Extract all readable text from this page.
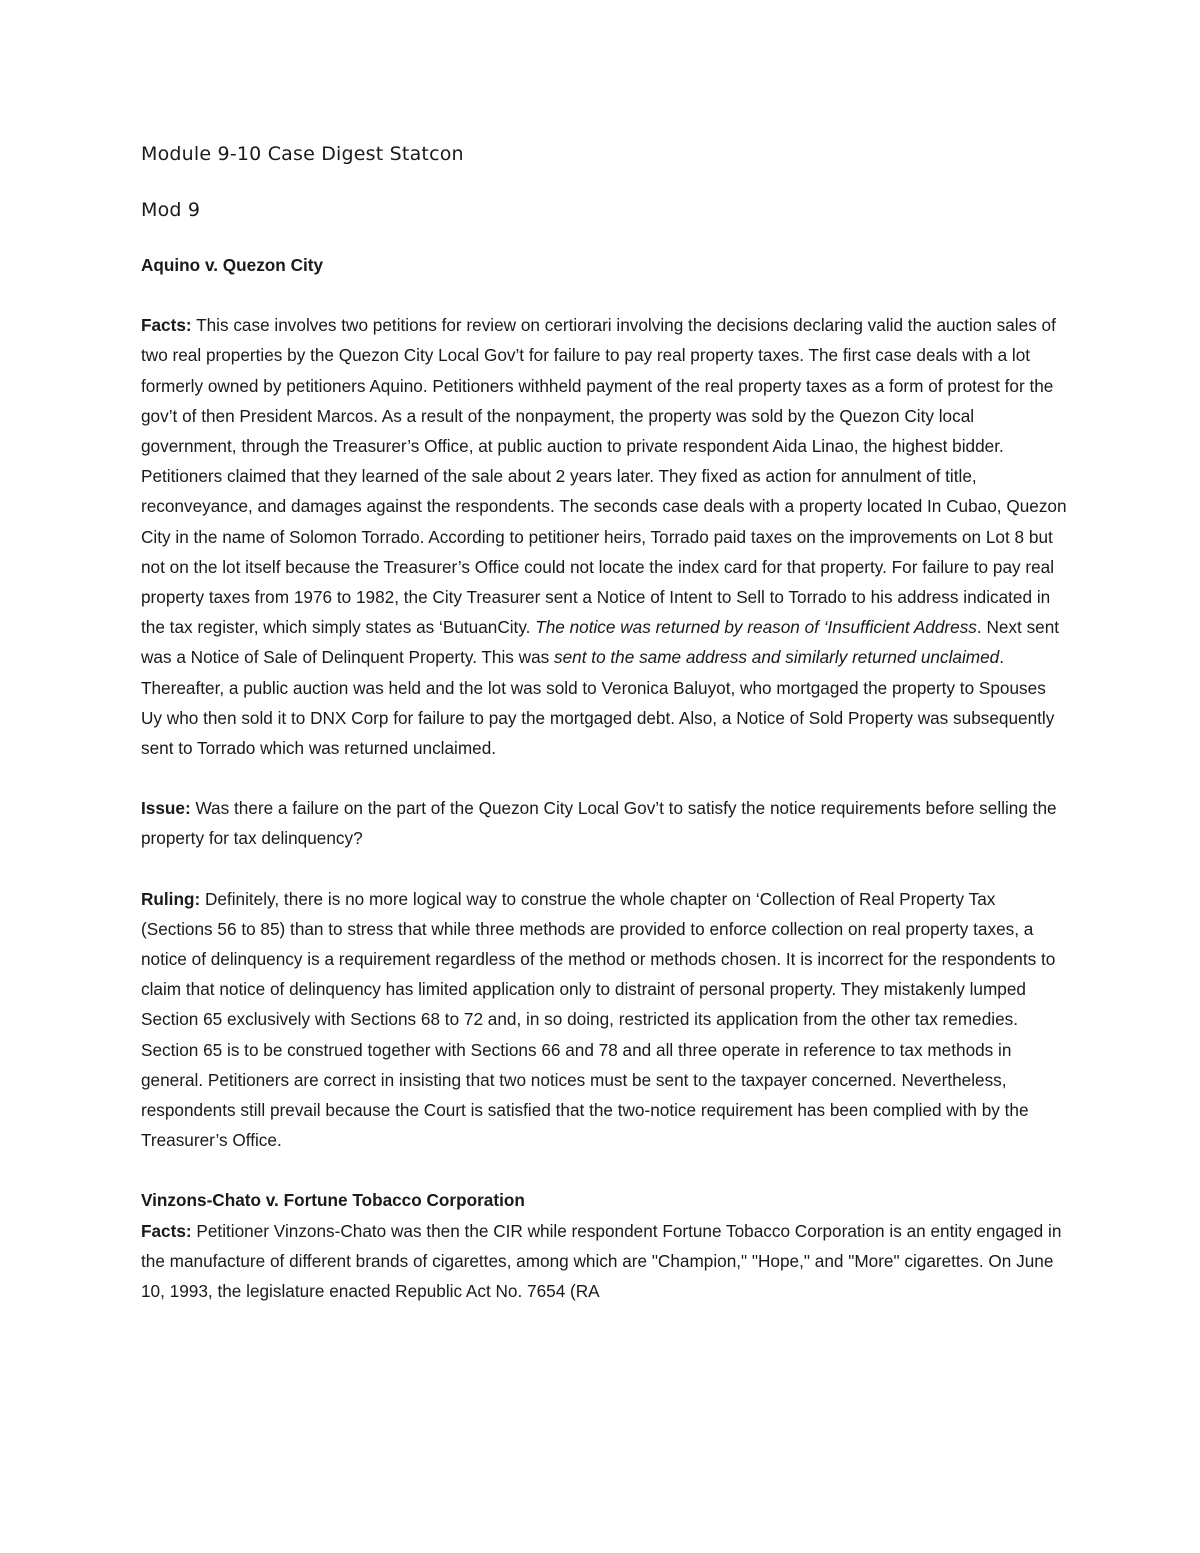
Module 9-10 Case Digest Statcon

Mod 9

Aquino v. Quezon City

Facts: This case involves two petitions for review on certiorari involving the decisions declaring valid the auction sales of two real properties by the Quezon City Local Gov’t for failure to pay real property taxes. The first case deals with a lot formerly owned by petitioners Aquino. Petitioners withheld payment of the real property taxes as a form of protest for the gov’t of then President Marcos. As a result of the nonpayment, the property was sold by the Quezon City local government, through the Treasurer’s Office, at public auction to private respondent Aida Linao, the highest bidder. Petitioners claimed that they learned of the sale about 2 years later. They fixed as action for annulment of title, reconveyance, and damages against the respondents. The seconds case deals with a property located In Cubao, Quezon City in the name of Solomon Torrado. According to petitioner heirs, Torrado paid taxes on the improvements on Lot 8 but not on the lot itself because the Treasurer’s Office could not locate the index card for that property. For failure to pay real property taxes from 1976 to 1982, the City Treasurer sent a Notice of Intent to Sell to Torrado to his address indicated in the tax register, which simply states as ‘ButuanCity. The notice was returned by reason of ‘Insufficient Address. Next sent was a Notice of Sale of Delinquent Property. This was sent to the same address and similarly returned unclaimed. Thereafter, a public auction was held and the lot was sold to Veronica Baluyot, who mortgaged the property to Spouses Uy who then sold it to DNX Corp for failure to pay the mortgaged debt. Also, a Notice of Sold Property was subsequently sent to Torrado which was returned unclaimed.

Issue: Was there a failure on the part of the Quezon City Local Gov’t to satisfy the notice requirements before selling the property for tax delinquency?

Ruling: Definitely, there is no more logical way to construe the whole chapter on ‘Collection of Real Property Tax (Sections 56 to 85) than to stress that while three methods are provided to enforce collection on real property taxes, a notice of delinquency is a requirement regardless of the method or methods chosen. It is incorrect for the respondents to claim that notice of delinquency has limited application only to distraint of personal property. They mistakenly lumped Section 65 exclusively with Sections 68 to 72 and, in so doing, restricted its application from the other tax remedies. Section 65 is to be construed together with Sections 66 and 78 and all three operate in reference to tax methods in general. Petitioners are correct in insisting that two notices must be sent to the taxpayer concerned. Nevertheless, respondents still prevail because the Court is satisfied that the two-notice requirement has been complied with by the Treasurer’s Office.

Vinzons-Chato v. Fortune Tobacco Corporation

Facts: Petitioner Vinzons-Chato was then the CIR while respondent Fortune Tobacco Corporation is an entity engaged in the manufacture of different brands of cigarettes, among which are "Champion," "Hope," and "More" cigarettes. On June 10, 1993, the legislature enacted Republic Act No. 7654 (RA
